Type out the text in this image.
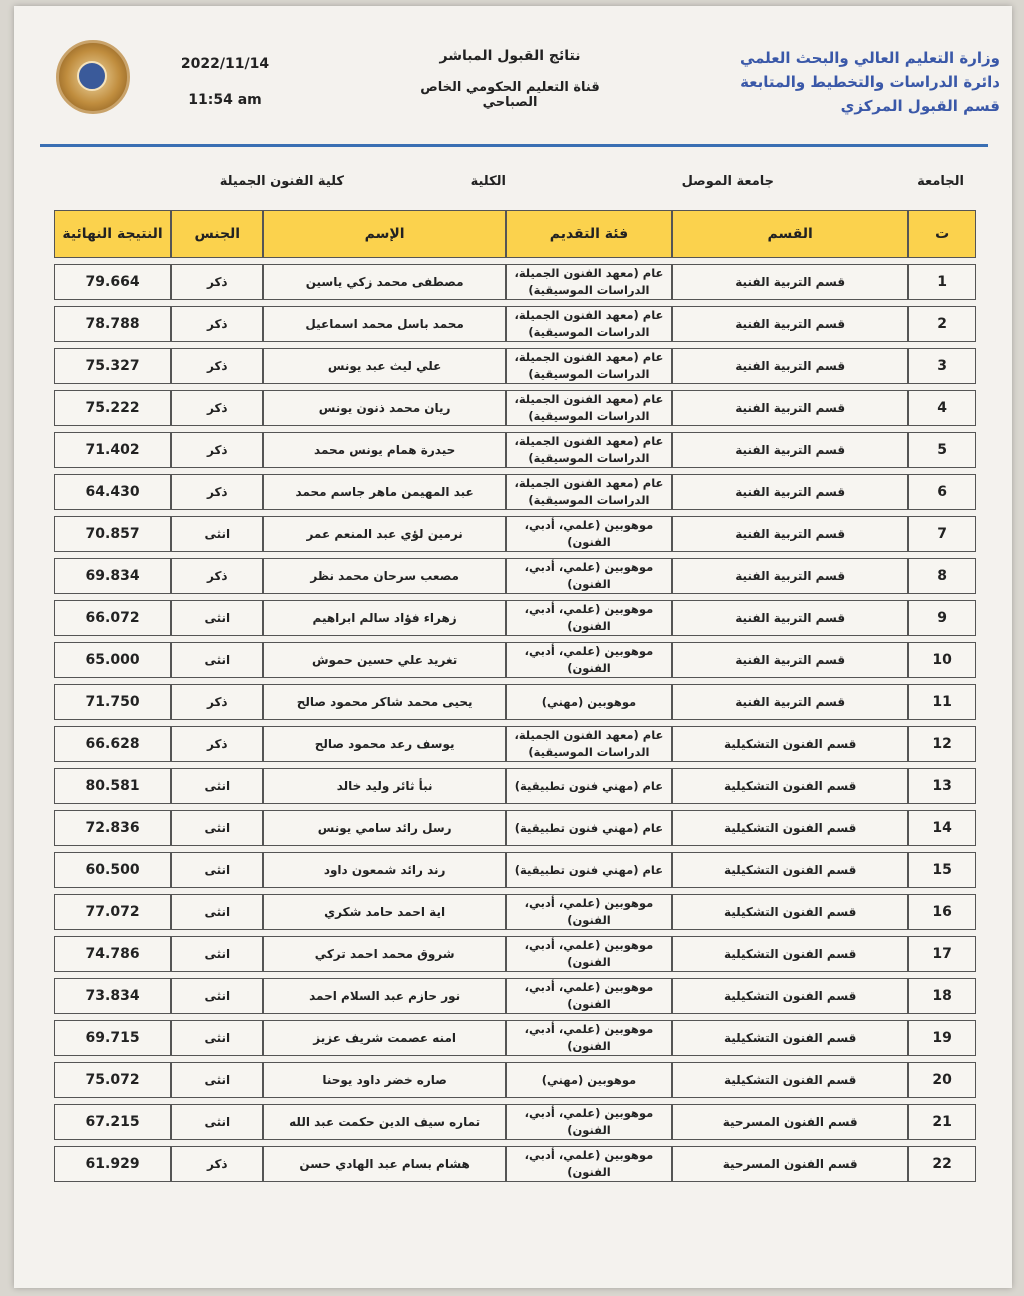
وزارة التعليم العالي والبحث العلمي
دائرة الدراسات والتخطيط والمتابعة
قسم القبول المركزي
نتائج القبول المباشر
قناة التعليم الحكومي الخاص الصباحي
2022/11/14
11:54 am
الجامعة
جامعة الموصل
الكلية
كلية الفنون الجميلة
ت	القسم	فئة التقديم	الإسم	الجنس	النتيجة النهائية
1	قسم التربية الفنية	عام (معهد الفنون الجميلة، الدراسات الموسيقية)	مصطفى محمد زكي ياسين	ذكر	79.664
2	قسم التربية الفنية	عام (معهد الفنون الجميلة، الدراسات الموسيقية)	محمد باسل محمد اسماعيل	ذكر	78.788
3	قسم التربية الفنية	عام (معهد الفنون الجميلة، الدراسات الموسيقية)	علي ليث عبد يونس	ذكر	75.327
4	قسم التربية الفنية	عام (معهد الفنون الجميلة، الدراسات الموسيقية)	ريان محمد ذنون يونس	ذكر	75.222
5	قسم التربية الفنية	عام (معهد الفنون الجميلة، الدراسات الموسيقية)	حيدرة همام يونس محمد	ذكر	71.402
6	قسم التربية الفنية	عام (معهد الفنون الجميلة، الدراسات الموسيقية)	عبد المهيمن ماهر جاسم محمد	ذكر	64.430
7	قسم التربية الفنية	موهوبين (علمي، أدبي، الفنون)	نرمين لؤي عبد المنعم عمر	انثى	70.857
8	قسم التربية الفنية	موهوبين (علمي، أدبي، الفنون)	مصعب سرحان محمد نظر	ذكر	69.834
9	قسم التربية الفنية	موهوبين (علمي، أدبي، الفنون)	زهراء فؤاد سالم ابراهيم	انثى	66.072
10	قسم التربية الفنية	موهوبين (علمي، أدبي، الفنون)	تغريد علي حسين حموش	انثى	65.000
11	قسم التربية الفنية	موهوبين (مهني)	يحيى محمد شاكر محمود صالح	ذكر	71.750
12	قسم الفنون التشكيلية	عام (معهد الفنون الجميلة، الدراسات الموسيقية)	يوسف رعد محمود صالح	ذكر	66.628
13	قسم الفنون التشكيلية	عام (مهني فنون تطبيقية)	نبأ ثائر وليد خالد	انثى	80.581
14	قسم الفنون التشكيلية	عام (مهني فنون تطبيقية)	رسل رائد سامي يونس	انثى	72.836
15	قسم الفنون التشكيلية	عام (مهني فنون تطبيقية)	رند رائد شمعون داود	انثى	60.500
16	قسم الفنون التشكيلية	موهوبين (علمي، أدبي، الفنون)	اية احمد حامد شكري	انثى	77.072
17	قسم الفنون التشكيلية	موهوبين (علمي، أدبي، الفنون)	شروق محمد احمد تركي	انثى	74.786
18	قسم الفنون التشكيلية	موهوبين (علمي، أدبي، الفنون)	نور حازم عبد السلام احمد	انثى	73.834
19	قسم الفنون التشكيلية	موهوبين (علمي، أدبي، الفنون)	امنه عصمت شريف عزيز	انثى	69.715
20	قسم الفنون التشكيلية	موهوبين (مهني)	صاره خضر داود يوحنا	انثى	75.072
21	قسم الفنون المسرحية	موهوبين (علمي، أدبي، الفنون)	تماره سيف الدين حكمت عبد الله	انثى	67.215
22	قسم الفنون المسرحية	موهوبين (علمي، أدبي، الفنون)	هشام بسام عبد الهادي حسن	ذكر	61.929
